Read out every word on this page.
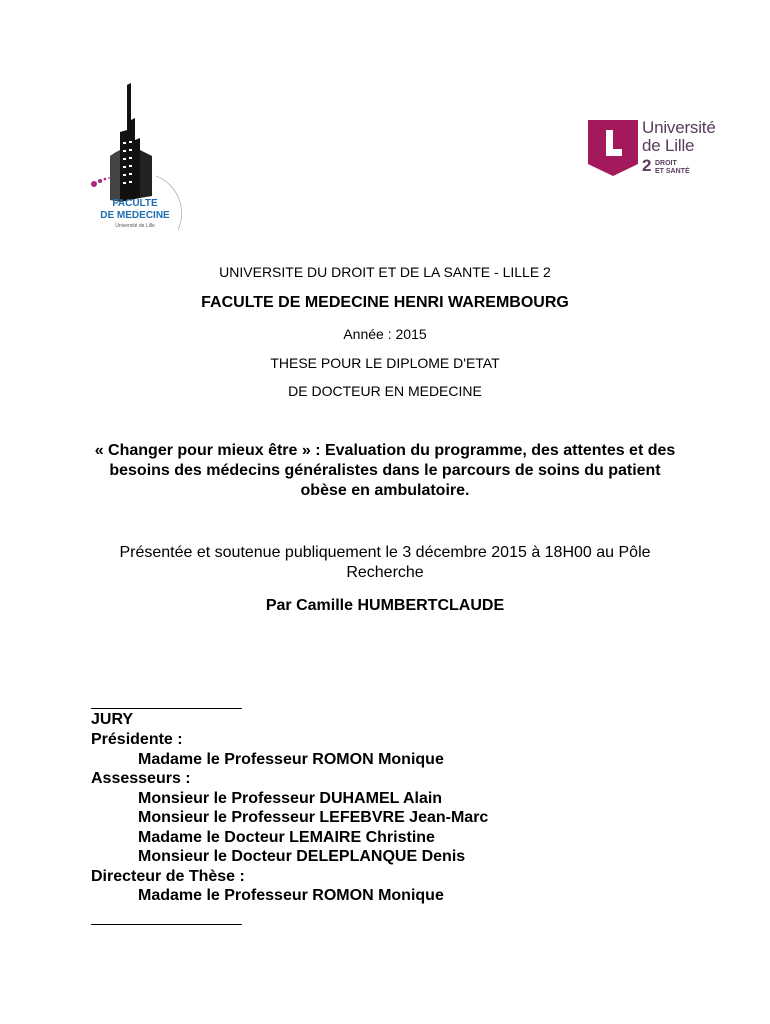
FACULTE
DE MEDECINE
Université de Lille
Université
de Lille
2 DROIT
ET SANTÉ
UNIVERSITE DU DROIT ET DE LA SANTE - LILLE 2
FACULTE DE MEDECINE HENRI WAREMBOURG
Année : 2015
THESE POUR LE DIPLOME D'ETAT
DE DOCTEUR EN MEDECINE
« Changer pour mieux être » : Evaluation du programme, des attentes et des besoins des médecins généralistes dans le parcours de soins du patient obèse en ambulatoire.
Présentée et soutenue publiquement le 3 décembre 2015 à 18H00 au Pôle Recherche
Par Camille HUMBERTCLAUDE
JURY
Présidente :
Madame le Professeur ROMON Monique
Assesseurs :
Monsieur le Professeur DUHAMEL Alain
Monsieur le Professeur LEFEBVRE Jean-Marc
Madame le Docteur LEMAIRE Christine
Monsieur le Docteur DELEPLANQUE Denis
Directeur de Thèse :
Madame le Professeur ROMON Monique
